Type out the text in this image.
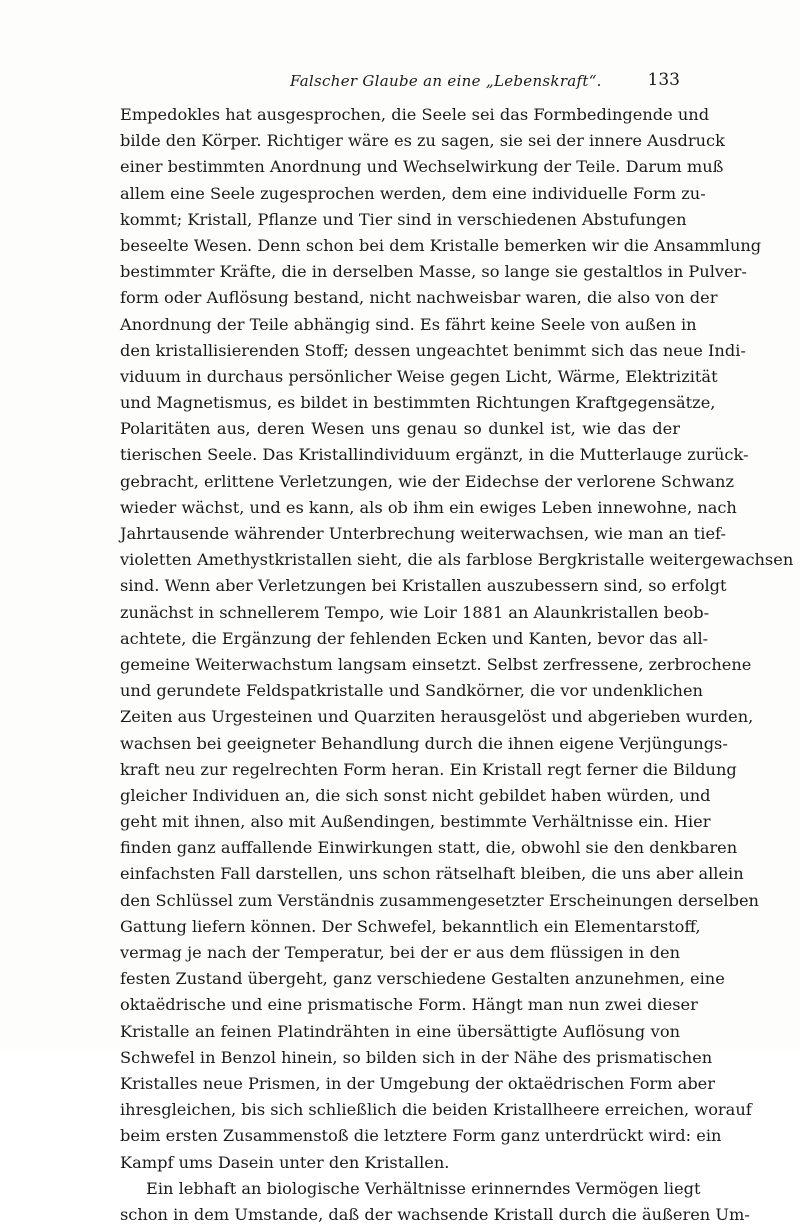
Falscher Glaube an eine „Lebenskraft“.	133
Empedokles hat ausgesprochen, die Seele sei das Formbedingende und
bilde den Körper. Richtiger wäre es zu sagen, sie sei der innere Ausdruck
einer bestimmten Anordnung und Wechselwirkung der Teile. Darum muß
allem eine Seele zugesprochen werden, dem eine individuelle Form zu-
kommt; Kristall, Pflanze und Tier sind in verschiedenen Abstufungen
beseelte Wesen. Denn schon bei dem Kristalle bemerken wir die Ansammlung
bestimmter Kräfte, die in derselben Masse, so lange sie gestaltlos in Pulver-
form oder Auflösung bestand, nicht nachweisbar waren, die also von der
Anordnung der Teile abhängig sind. Es fährt keine Seele von außen in
den kristallisierenden Stoff; dessen ungeachtet benimmt sich das neue Indi-
viduum in durchaus persönlicher Weise gegen Licht, Wärme, Elektrizität
und Magnetismus, es bildet in bestimmten Richtungen Kraftgegensätze,
Polaritäten aus, deren Wesen uns genau so dunkel ist, wie das der
tierischen Seele. Das Kristallindividuum ergänzt, in die Mutterlauge zurück-
gebracht, erlittene Verletzungen, wie der Eidechse der verlorene Schwanz
wieder wächst, und es kann, als ob ihm ein ewiges Leben innewohne, nach
Jahrtausende währender Unterbrechung weiterwachsen, wie man an tief-
violetten Amethystkristallen sieht, die als farblose Bergkristalle weitergewachsen
sind. Wenn aber Verletzungen bei Kristallen auszubessern sind, so erfolgt
zunächst in schnellerem Tempo, wie Loir 1881 an Alaunkristallen beob-
achtete, die Ergänzung der fehlenden Ecken und Kanten, bevor das all-
gemeine Weiterwachstum langsam einsetzt. Selbst zerfressene, zerbrochene
und gerundete Feldspatkristalle und Sandkörner, die vor undenklichen
Zeiten aus Urgesteinen und Quarziten herausgelöst und abgerieben wurden,
wachsen bei geeigneter Behandlung durch die ihnen eigene Verjüngungs-
kraft neu zur regelrechten Form heran. Ein Kristall regt ferner die Bildung
gleicher Individuen an, die sich sonst nicht gebildet haben würden, und
geht mit ihnen, also mit Außendingen, bestimmte Verhältnisse ein. Hier
finden ganz auffallende Einwirkungen statt, die, obwohl sie den denkbaren
einfachsten Fall darstellen, uns schon rätselhaft bleiben, die uns aber allein
den Schlüssel zum Verständnis zusammengesetzter Erscheinungen derselben
Gattung liefern können. Der Schwefel, bekanntlich ein Elementarstoff,
vermag je nach der Temperatur, bei der er aus dem flüssigen in den
festen Zustand übergeht, ganz verschiedene Gestalten anzunehmen, eine
oktaëdrische und eine prismatische Form. Hängt man nun zwei dieser
Kristalle an feinen Platindrähten in eine übersättigte Auflösung von
Schwefel in Benzol hinein, so bilden sich in der Nähe des prismatischen
Kristalles neue Prismen, in der Umgebung der oktaëdrischen Form aber
ihresgleichen, bis sich schließlich die beiden Kristallheere erreichen, worauf
beim ersten Zusammenstoß die letztere Form ganz unterdrückt wird: ein
Kampf ums Dasein unter den Kristallen.
Ein lebhaft an biologische Verhältnisse erinnerndes Vermögen liegt
schon in dem Umstande, daß der wachsende Kristall durch die äußeren Um-
